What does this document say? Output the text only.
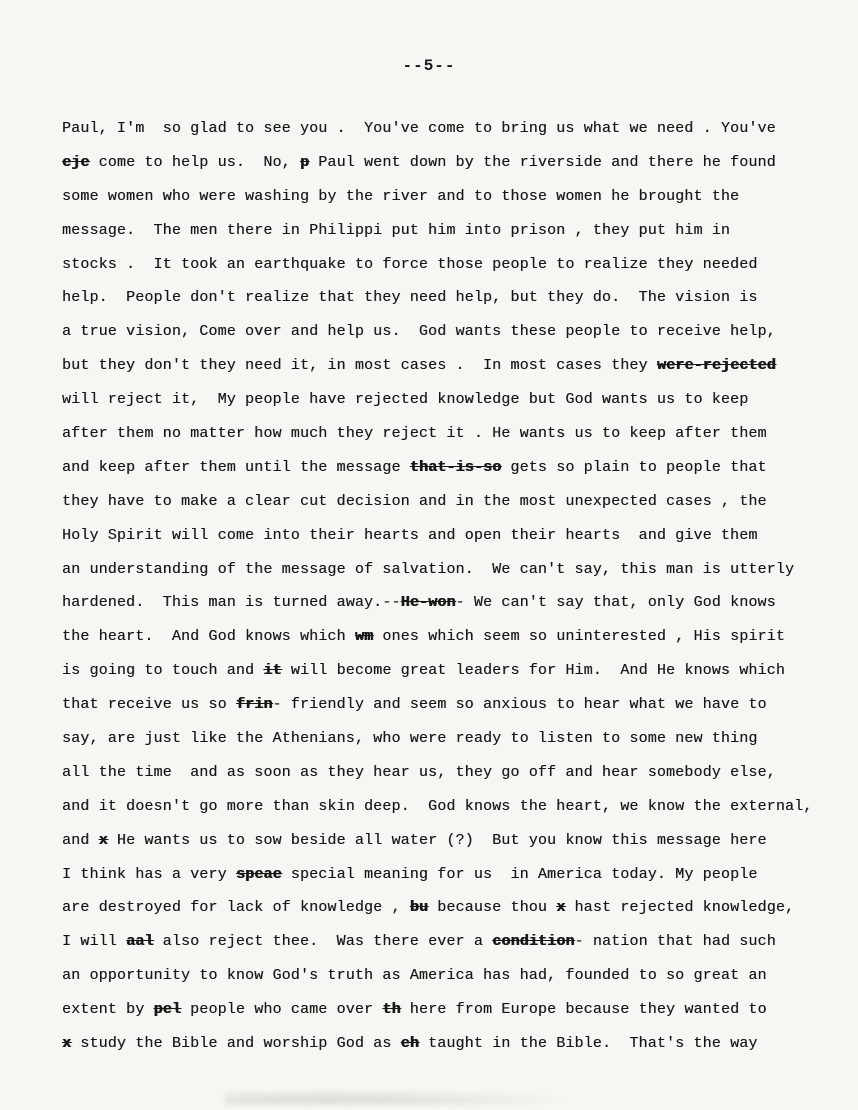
--5--
Paul, I'm  so glad to see you .  You've come to bring us what we need . You've
eje come to help us.  No, p Paul went down by the riverside and there he found
some women who were washing by the river and to those women he brought the
message.  The men there in Philippi put him into prison , they put him in
stocks .  It took an earthquake to force those people to realize they needed
help.  People don't realize that they need help, but they do.  The vision is
a true vision, Come over and help us.  God wants these people to receive help,
but they don't they need it, in most cases .  In most cases they were-rejected
will reject it,  My people have rejected knowledge but God wants us to keep
after them no matter how much they reject it . He wants us to keep after them
and keep after them until the message that-is-so gets so plain to people that
they have to make a clear cut decision and in the most unexpected cases , the
Holy Spirit will come into their hearts and open their hearts  and give them
an understanding of the message of salvation.  We can't say, this man is utterly
hardened.  This man is turned away.--He-won- We can't say that, only God knows
the heart.  And God knows which wm ones which seem so uninterested , His spirit
is going to touch and it will become great leaders for Him.  And He knows which
that receive us so frin- friendly and seem so anxious to hear what we have to
say, are just like the Athenians, who were ready to listen to some new thing
all the time  and as soon as they hear us, they go off and hear somebody else,
and it doesn't go more than skin deep.  God knows the heart, we know the external,
and x He wants us to sow beside all water (?)  But you know this message here
I think has a very speae special meaning for us  in America today. My people
are destroyed for lack of knowledge , bu because thou x hast rejected knowledge,
I will aal also reject thee.  Was there ever a condition- nation that had such
an opportunity to know God's truth as America has had, founded to so great an
extent by pel people who came over th here from Europe because they wanted to
x study the Bible and worship God as eh taught in the Bible.  That's the way
